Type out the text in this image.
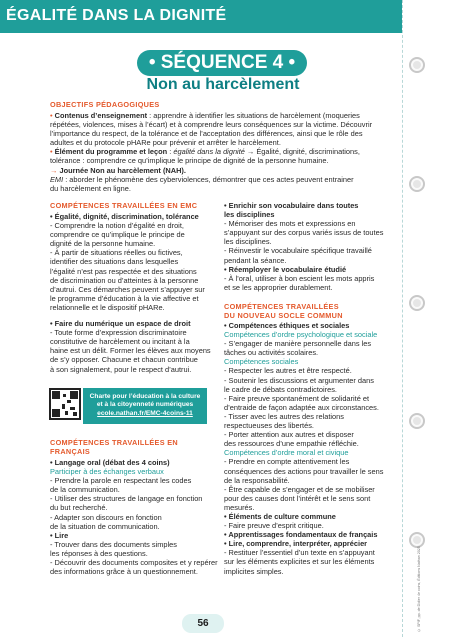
ÉGALITÉ DANS LA DIGNITÉ
• SÉQUENCE 4 •
Non au harcèlement
OBJECTIFS PÉDAGOGIQUES
• Contenus d’enseignement : apprendre à identifier les situations de harcèlement (moqueries
répétées, violences, mises à l’écart) et à comprendre leurs conséquences sur la victime. Découvrir
l’importance du respect, de la tolérance et de l’acceptation des différences, ainsi que le rôle des
adultes et du protocole pHARe pour prévenir et arrêter le harcèlement.
• Élément du programme et leçon : égalité dans la dignité → Égalité, dignité, discriminations,
tolérance : comprendre ce qu’implique le principe de dignité de la personne humaine.
→ Journée Non au harcèlement (NAH).
EMI : aborder le phénomène des cyberviolences, démontrer que ces actes peuvent entrainer
du harcèlement en ligne.
COMPÉTENCES TRAVAILLÉES EN EMC
• Égalité, dignité, discrimination, tolérance
- Comprendre la notion d’égalité en droit,
comprendre ce qu’implique le principe de
dignité de la personne humaine.
- À partir de situations réelles ou fictives,
identifier des situations dans lesquelles
l’égalité n’est pas respectée et des situations
de discrimination ou d’atteintes à la personne
d’autrui. Ces démarches peuvent s’appuyer sur
le programme d’éducation à la vie affective et
relationnelle et le dispositif pHARe.
• Faire du numérique un espace de droit
- Toute forme d’expression discriminatoire
constitutive de harcèlement ou incitant à la
haine est un délit. Former les élèves aux moyens
de s’y opposer. Chacune et chacun contribue
à son signalement, pour le respect d’autrui.
Charte pour l’éducation à la culture
et à la citoyenneté numériques
ecole.nathan.fr/EMC-4coins-11
COMPÉTENCES TRAVAILLÉES EN FRANÇAIS
• Langage oral (débat des 4 coins)
Participer à des échanges verbaux
- Prendre la parole en respectant les codes
de la communication.
- Utiliser des structures de langage en fonction
du but recherché.
- Adapter son discours en fonction
de la situation de communication.
• Lire
- Trouver dans des documents simples
les réponses à des questions.
- Découvrir des documents composites et y repérer
des informations grâce à un questionnement.
• Enrichir son vocabulaire dans toutes
les disciplines
- Mémoriser des mots et expressions en
s’appuyant sur des corpus variés issus de toutes
les disciplines.
- Réinvestir le vocabulaire spécifique travaillé
pendant la séance.
• Réemployer le vocabulaire étudié
- À l’oral, utiliser à bon escient les mots appris
et se les approprier durablement.
COMPÉTENCES TRAVAILLÉES
DU NOUVEAU SOCLE COMMUN
• Compétences éthiques et sociales
Compétences d’ordre psychologique et sociale
- S’engager de manière personnelle dans les
tâches ou activités scolaires.
Compétences sociales
- Respecter les autres et être respecté.
- Soutenir les discussions et argumenter dans
le cadre de débats contradictoires.
- Faire preuve spontanément de solidarité et
d’entraide de façon adaptée aux circonstances.
- Tisser avec les autres des relations
respectueuses des libertés.
- Porter attention aux autres et disposer
des ressources d’une empathie réfléchie.
Compétences d’ordre moral et civique
- Prendre en compte attentivement les
conséquences des actions pour travailler le sens
de la responsabilité.
- Être capable de s’engager et de se mobiliser
pour des causes dont l’intérêt et le sens sont
mesurés.
• Éléments de culture commune
- Faire preuve d’esprit critique.
• Apprentissages fondamentaux de français
• Lire, comprendre, interpréter, apprécier
- Restituer l’essentiel d’un texte en s’appuyant
sur les éléments explicites et sur les éléments
implicites simples.
56	© SPIF, pp. de Didier 4e coins, Éditions Nathan 2025
